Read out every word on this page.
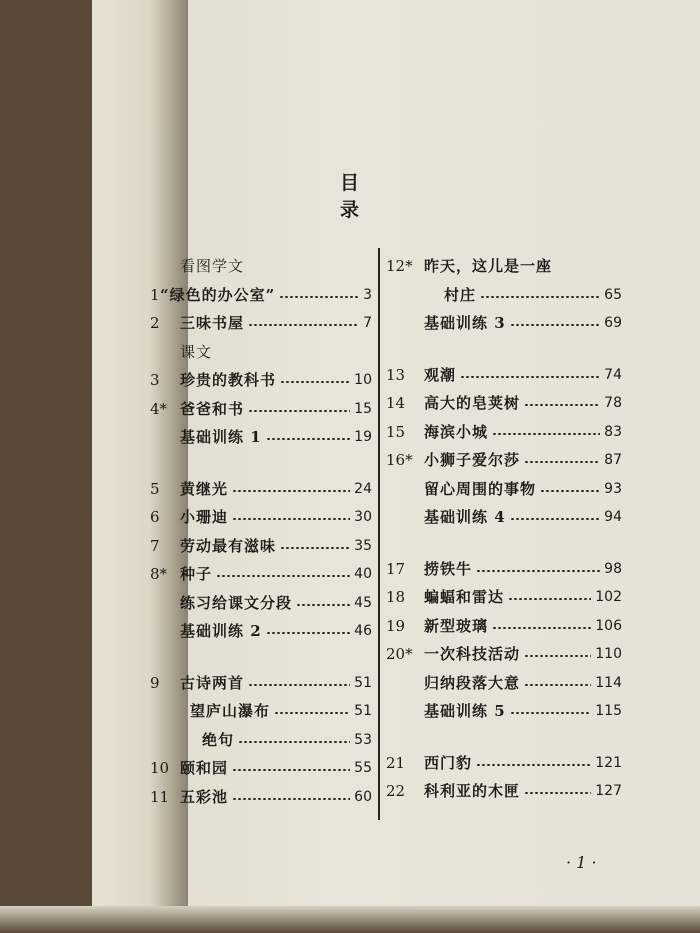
目 录
看图学文
1 “绿色的办公室”	3
2 三味书屋	7
课文
3 珍贵的教科书	10
4* 爸爸和书	15
基础训练 1	19
5 黄继光	24
6 小珊迪	30
7 劳动最有滋味	35
8* 种子	40
练习给课文分段	45
基础训练 2	46
9 古诗两首	51
望庐山瀑布	51
绝句	53
10 颐和园	55
11 五彩池	60
12* 昨天，这儿是一座
村庄	65
基础训练 3	69
13 观潮	74
14 高大的皂荚树	78
15 海滨小城	83
16* 小狮子爱尔莎	87
留心周围的事物	93
基础训练 4	94
17 捞铁牛	98
18 蝙蝠和雷达	102
19 新型玻璃	106
20* 一次科技活动	110
归纳段落大意	114
基础训练 5	115
21 西门豹	121
22 科利亚的木匣	127
· 1 ·
